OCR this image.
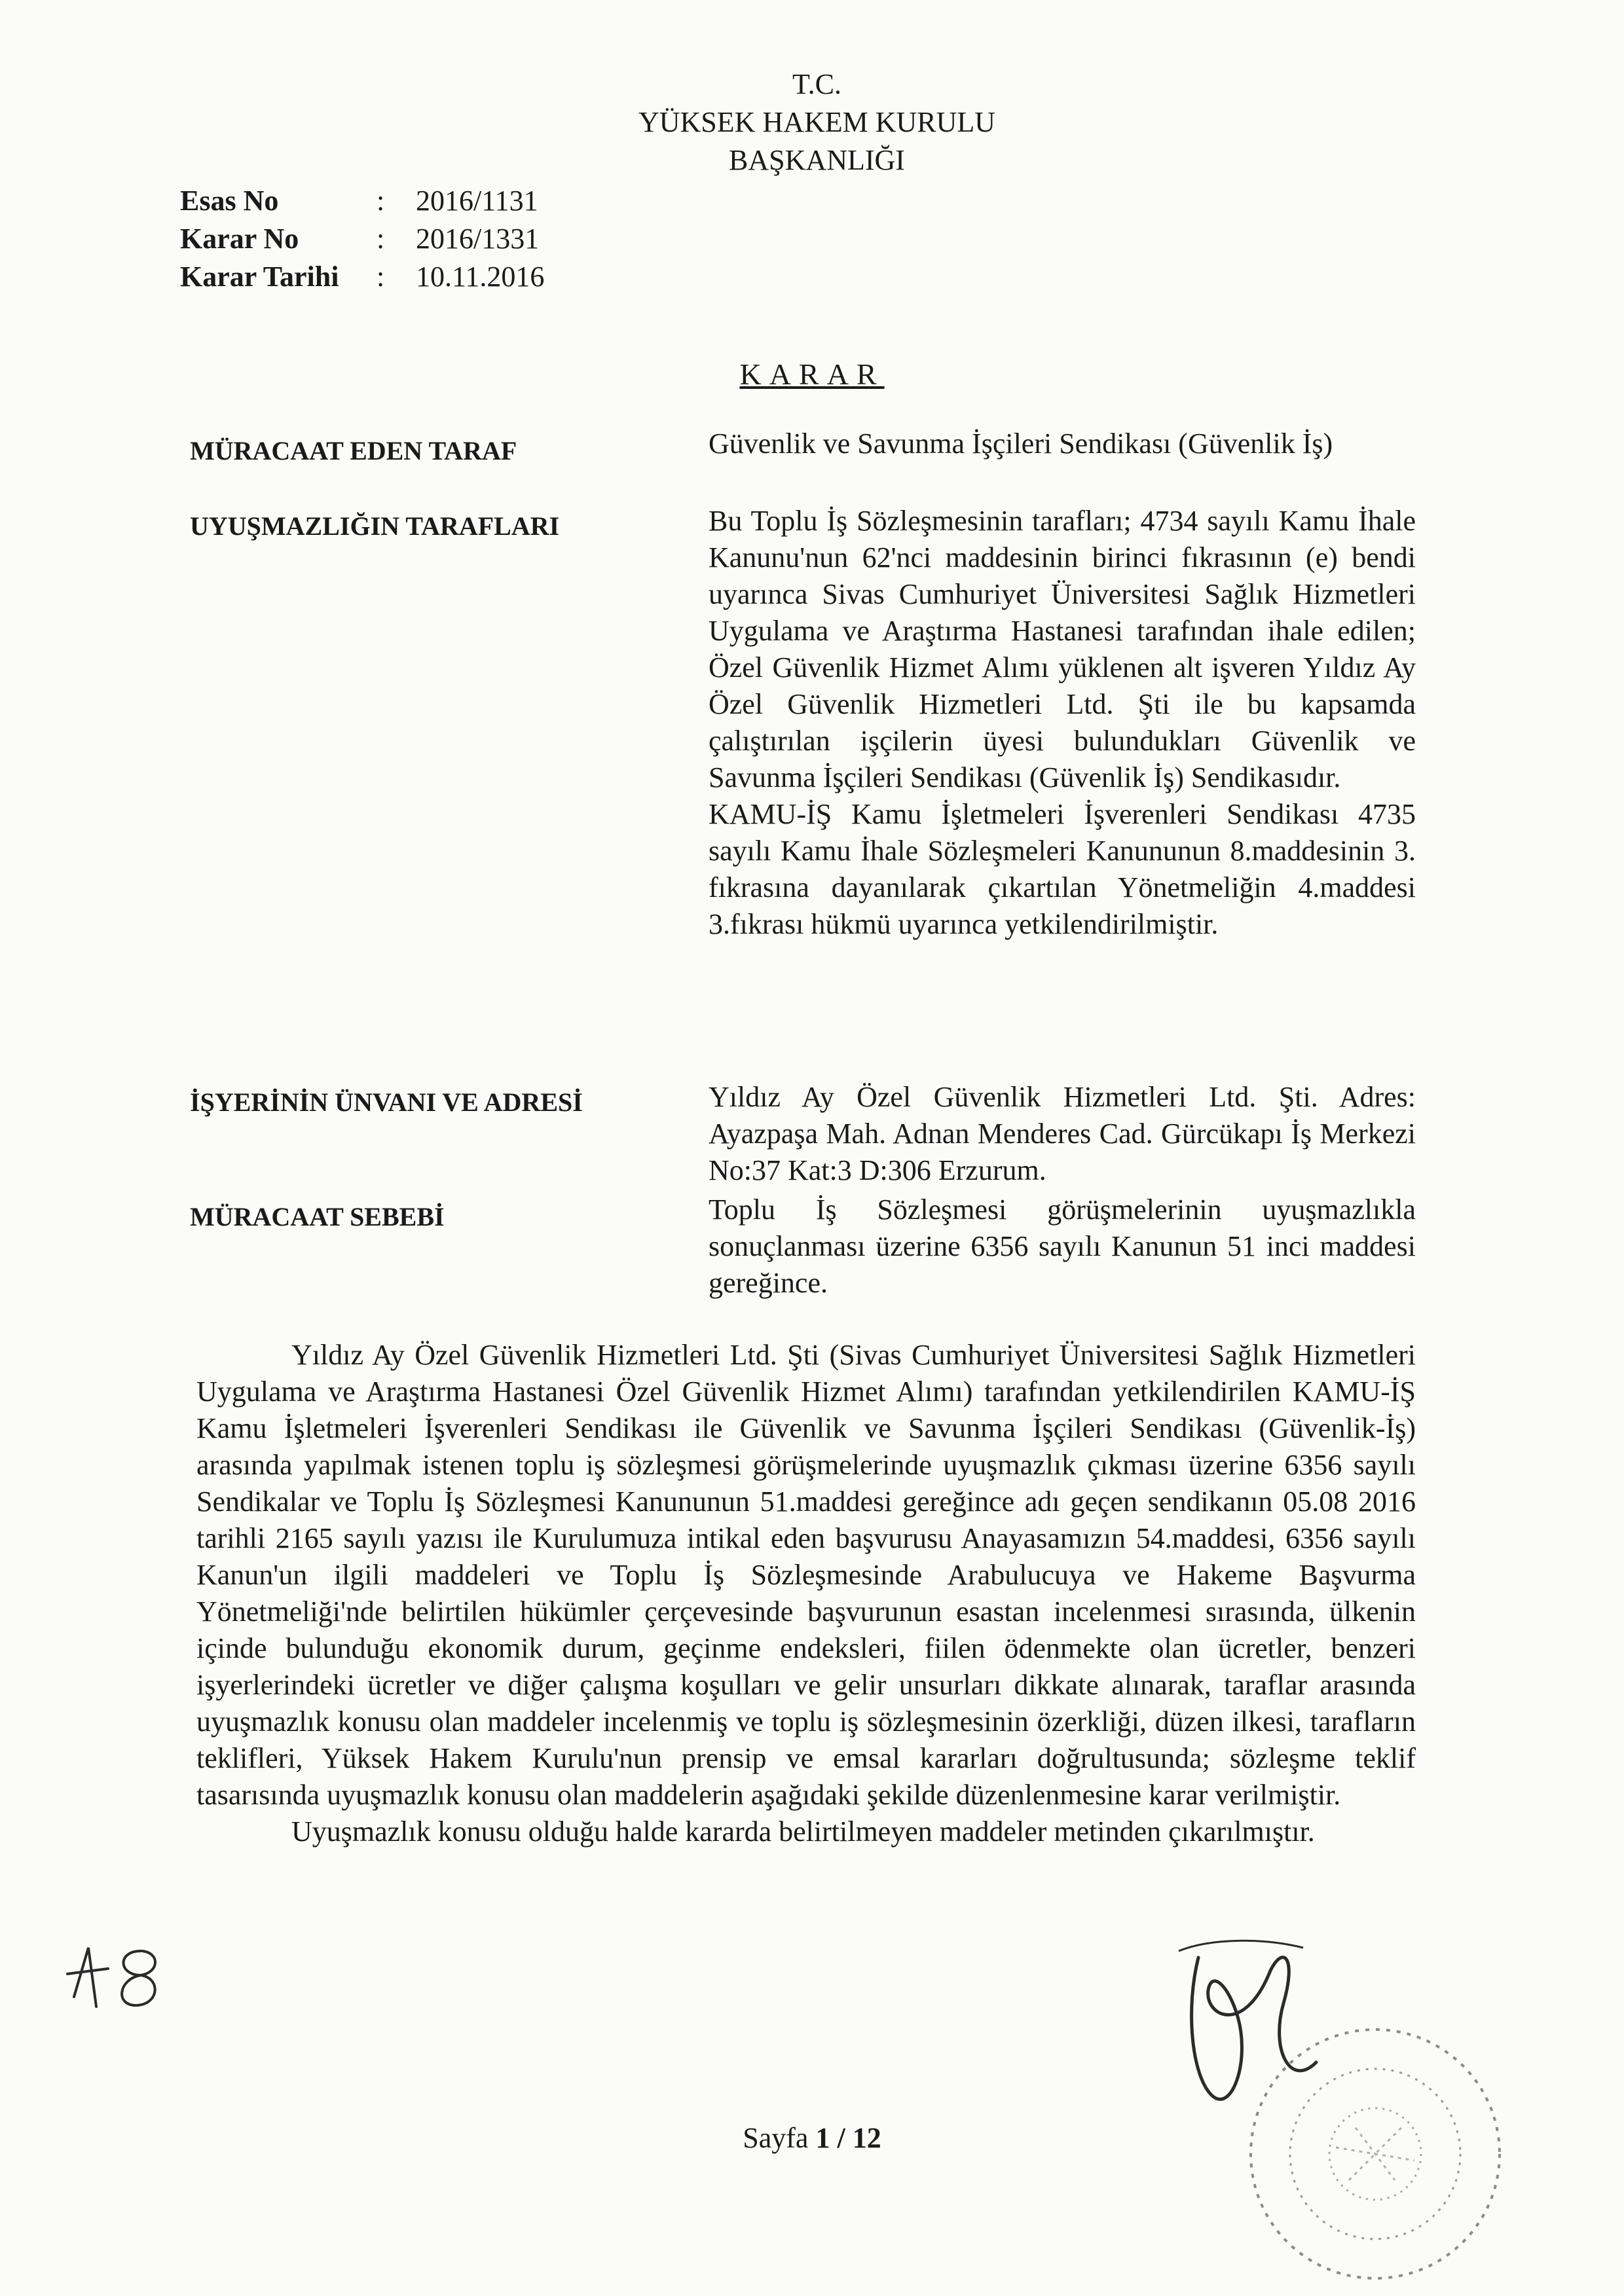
T.C.
YÜKSEK HAKEM KURULU
BAŞKANLIĞI
Esas No	:	2016/1131
Karar No	:	2016/1331
Karar Tarihi	:	10.11.2016
KARAR
MÜRACAAT EDEN TARAF	Güvenlik ve Savunma İşçileri Sendikası (Güvenlik İş)
UYUŞMAZLIĞIN TARAFLARI	Bu Toplu İş Sözleşmesinin tarafları; 4734 sayılı Kamu İhale Kanunu'nun 62'nci maddesinin birinci fıkrasının (e) bendi uyarınca Sivas Cumhuriyet Üniversitesi Sağlık Hizmetleri Uygulama ve Araştırma Hastanesi tarafından ihale edilen; Özel Güvenlik Hizmet Alımı yüklenen alt işveren Yıldız Ay Özel Güvenlik Hizmetleri Ltd. Şti ile bu kapsamda çalıştırılan işçilerin üyesi bulundukları Güvenlik ve Savunma İşçileri Sendikası (Güvenlik İş) Sendikasıdır.
KAMU-İŞ Kamu İşletmeleri İşverenleri Sendikası 4735 sayılı Kamu İhale Sözleşmeleri Kanununun 8.maddesinin 3. fıkrasına dayanılarak çıkartılan Yönetmeliğin 4.maddesi 3.fıkrası hükmü uyarınca yetkilendirilmiştir.
İŞYERİNİN ÜNVANI VE ADRESİ	Yıldız Ay Özel Güvenlik Hizmetleri Ltd. Şti. Adres: Ayazpaşa Mah. Adnan Menderes Cad. Gürcükapı İş Merkezi No:37 Kat:3 D:306 Erzurum.
MÜRACAAT SEBEBİ	Toplu İş Sözleşmesi görüşmelerinin uyuşmazlıkla sonuçlanması üzerine 6356 sayılı Kanunun 51 inci maddesi gereğince.

Yıldız Ay Özel Güvenlik Hizmetleri Ltd. Şti (Sivas Cumhuriyet Üniversitesi Sağlık Hizmetleri Uygulama ve Araştırma Hastanesi Özel Güvenlik Hizmet Alımı) tarafından yetkilendirilen KAMU-İŞ Kamu İşletmeleri İşverenleri Sendikası ile Güvenlik ve Savunma İşçileri Sendikası (Güvenlik-İş) arasında yapılmak istenen toplu iş sözleşmesi görüşmelerinde uyuşmazlık çıkması üzerine 6356 sayılı Sendikalar ve Toplu İş Sözleşmesi Kanununun 51.maddesi gereğince adı geçen sendikanın 05.08 2016 tarihli 2165 sayılı yazısı ile Kurulumuza intikal eden başvurusu Anayasamızın 54.maddesi, 6356 sayılı Kanun'un ilgili maddeleri ve Toplu İş Sözleşmesinde Arabulucuya ve Hakeme Başvurma Yönetmeliği'nde belirtilen hükümler çerçevesinde başvurunun esastan incelenmesi sırasında, ülkenin içinde bulunduğu ekonomik durum, geçinme endeksleri, fiilen ödenmekte olan ücretler, benzeri işyerlerindeki ücretler ve diğer çalışma koşulları ve gelir unsurları dikkate alınarak, taraflar arasında uyuşmazlık konusu olan maddeler incelenmiş ve toplu iş sözleşmesinin özerkliği, düzen ilkesi, tarafların teklifleri, Yüksek Hakem Kurulu'nun prensip ve emsal kararları doğrultusunda; sözleşme teklif tasarısında uyuşmazlık konusu olan maddelerin aşağıdaki şekilde düzenlenmesine karar verilmiştir.

Uyuşmazlık konusu olduğu halde kararda belirtilmeyen maddeler metinden çıkarılmıştır.

Sayfa 1 / 12
